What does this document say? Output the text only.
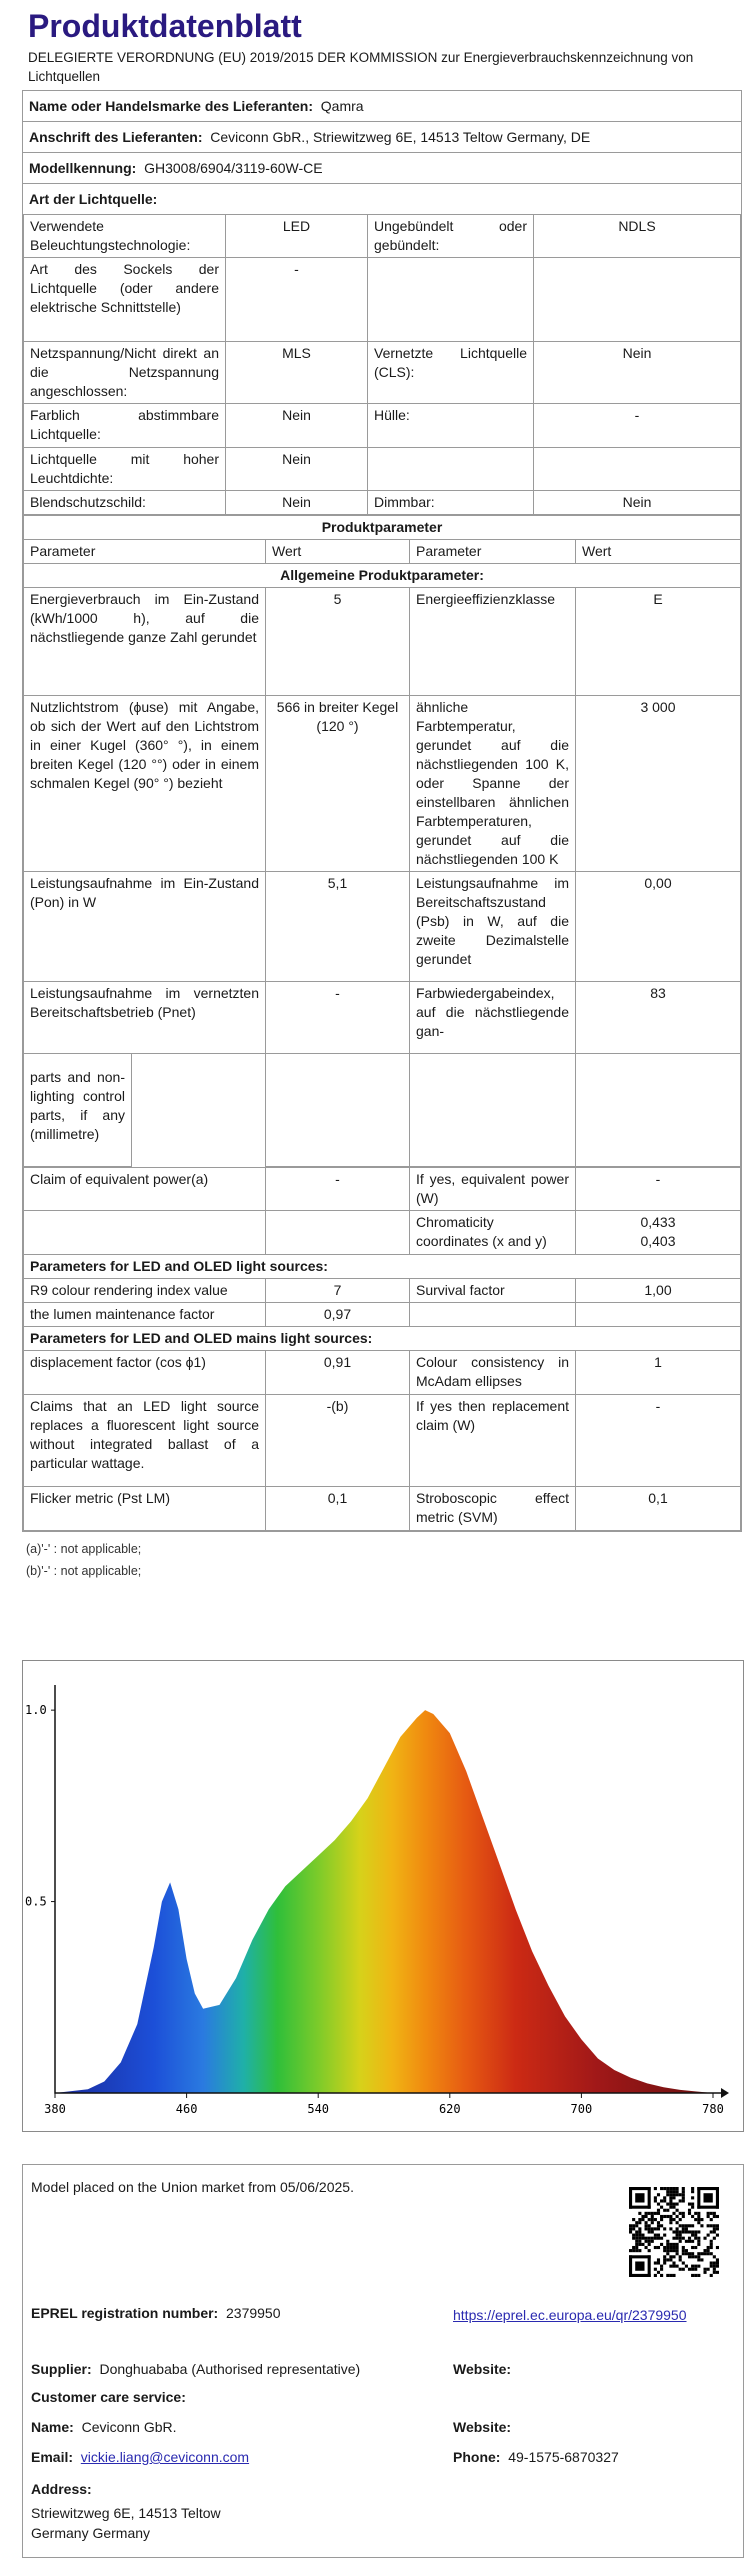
Produktdatenblatt
DELEGIERTE VERORDNUNG (EU) 2019/2015 DER KOMMISSION zur Energieverbrauchskennzeichnung von Lichtquellen
Name oder Handelsmarke des Lieferanten: Qamra
Anschrift des Lieferanten: Ceviconn GbR., Striewitzweg 6E, 14513 Teltow Germany, DE
Modellkennung: GH3008/6904/3119-60W-CE
Art der Lichtquelle:
Verwendete Beleuchtungstechnologie:	LED	Ungebündelt oder gebündelt:	NDLS
Art des Sockels der Lichtquelle (oder andere elektrische Schnittstelle)	-		
Netzspannung/Nicht direkt an die Netzspannung angeschlossen:	MLS	Vernetzte Lichtquelle (CLS):	Nein
Farblich abstimmbare Lichtquelle:	Nein	Hülle:	-
Lichtquelle mit hoher Leuchtdichte:	Nein		
Blendschutzschild:	Nein	Dimmbar:	Nein
Produktparameter			
Parameter	Wert	Parameter	Wert
Allgemeine Produktparameter:			
Energieverbrauch im Ein-Zustand (kWh/1000 h), auf die nächstliegende ganze Zahl gerundet	5	Energieeffizienzklasse	E
Nutzlichtstrom (ϕuse) mit Angabe, ob sich der Wert auf den Lichtstrom in einer Kugel (360° °), in einem breiten Kegel (120 °°) oder in einem schmalen Kegel (90° °) bezieht	566 in breiter Kegel (120 °)	ähnliche Farbtemperatur, gerundet auf die nächstliegenden 100 K, oder Spanne der einstellbaren ähnlichen Farbtemperaturen, gerundet auf die nächstliegenden 100 K	3 000
Leistungsaufnahme im Ein-Zustand (Pon) in W	5,1	Leistungsaufnahme im Bereitschaftszustand (Psb) in W, auf die zweite Dezimalstelle gerundet	0,00
Leistungsaufnahme im vernetzten Bereitschaftsbetrieb (Pnet)	-	Farbwiedergabeindex, auf die nächstliegende gan-	83
parts and non-lighting control parts, if any (millimetre)				
Claim of equivalent power(a)	-	If yes, equivalent power (W)	-
		Chromaticity coordinates (x and y)	0,433
0,403
Parameters for LED and OLED light sources:			
R9 colour rendering index value	7	Survival factor	1,00
the lumen maintenance factor	0,97		
Parameters for LED and OLED mains light sources:			
displacement factor (cos ϕ1)	0,91	Colour consistency in McAdam ellipses	1
Claims that an LED light source replaces a fluorescent light source without integrated ballast of a particular wattage.	-(b)	If yes then replacement claim (W)	-
Flicker metric (Pst LM)	0,1	Stroboscopic effect metric (SVM)	0,1
(a)'-' : not applicable;
(b)'-' : not applicable;
380	460	540	620	700	780
0.5
1.0
Model placed on the Union market from 05/06/2025.
EPREL registration number: 2379950	https://eprel.ec.europa.eu/qr/2379950
Supplier: Donghuababa (Authorised representative)	Website:
Customer care service:
Name: Ceviconn GbR.	Website:
Email: vickie.liang@ceviconn.com	Phone: 49-1575-6870327
Address:
Striewitzweg 6E, 14513 Teltow Germany Germany
